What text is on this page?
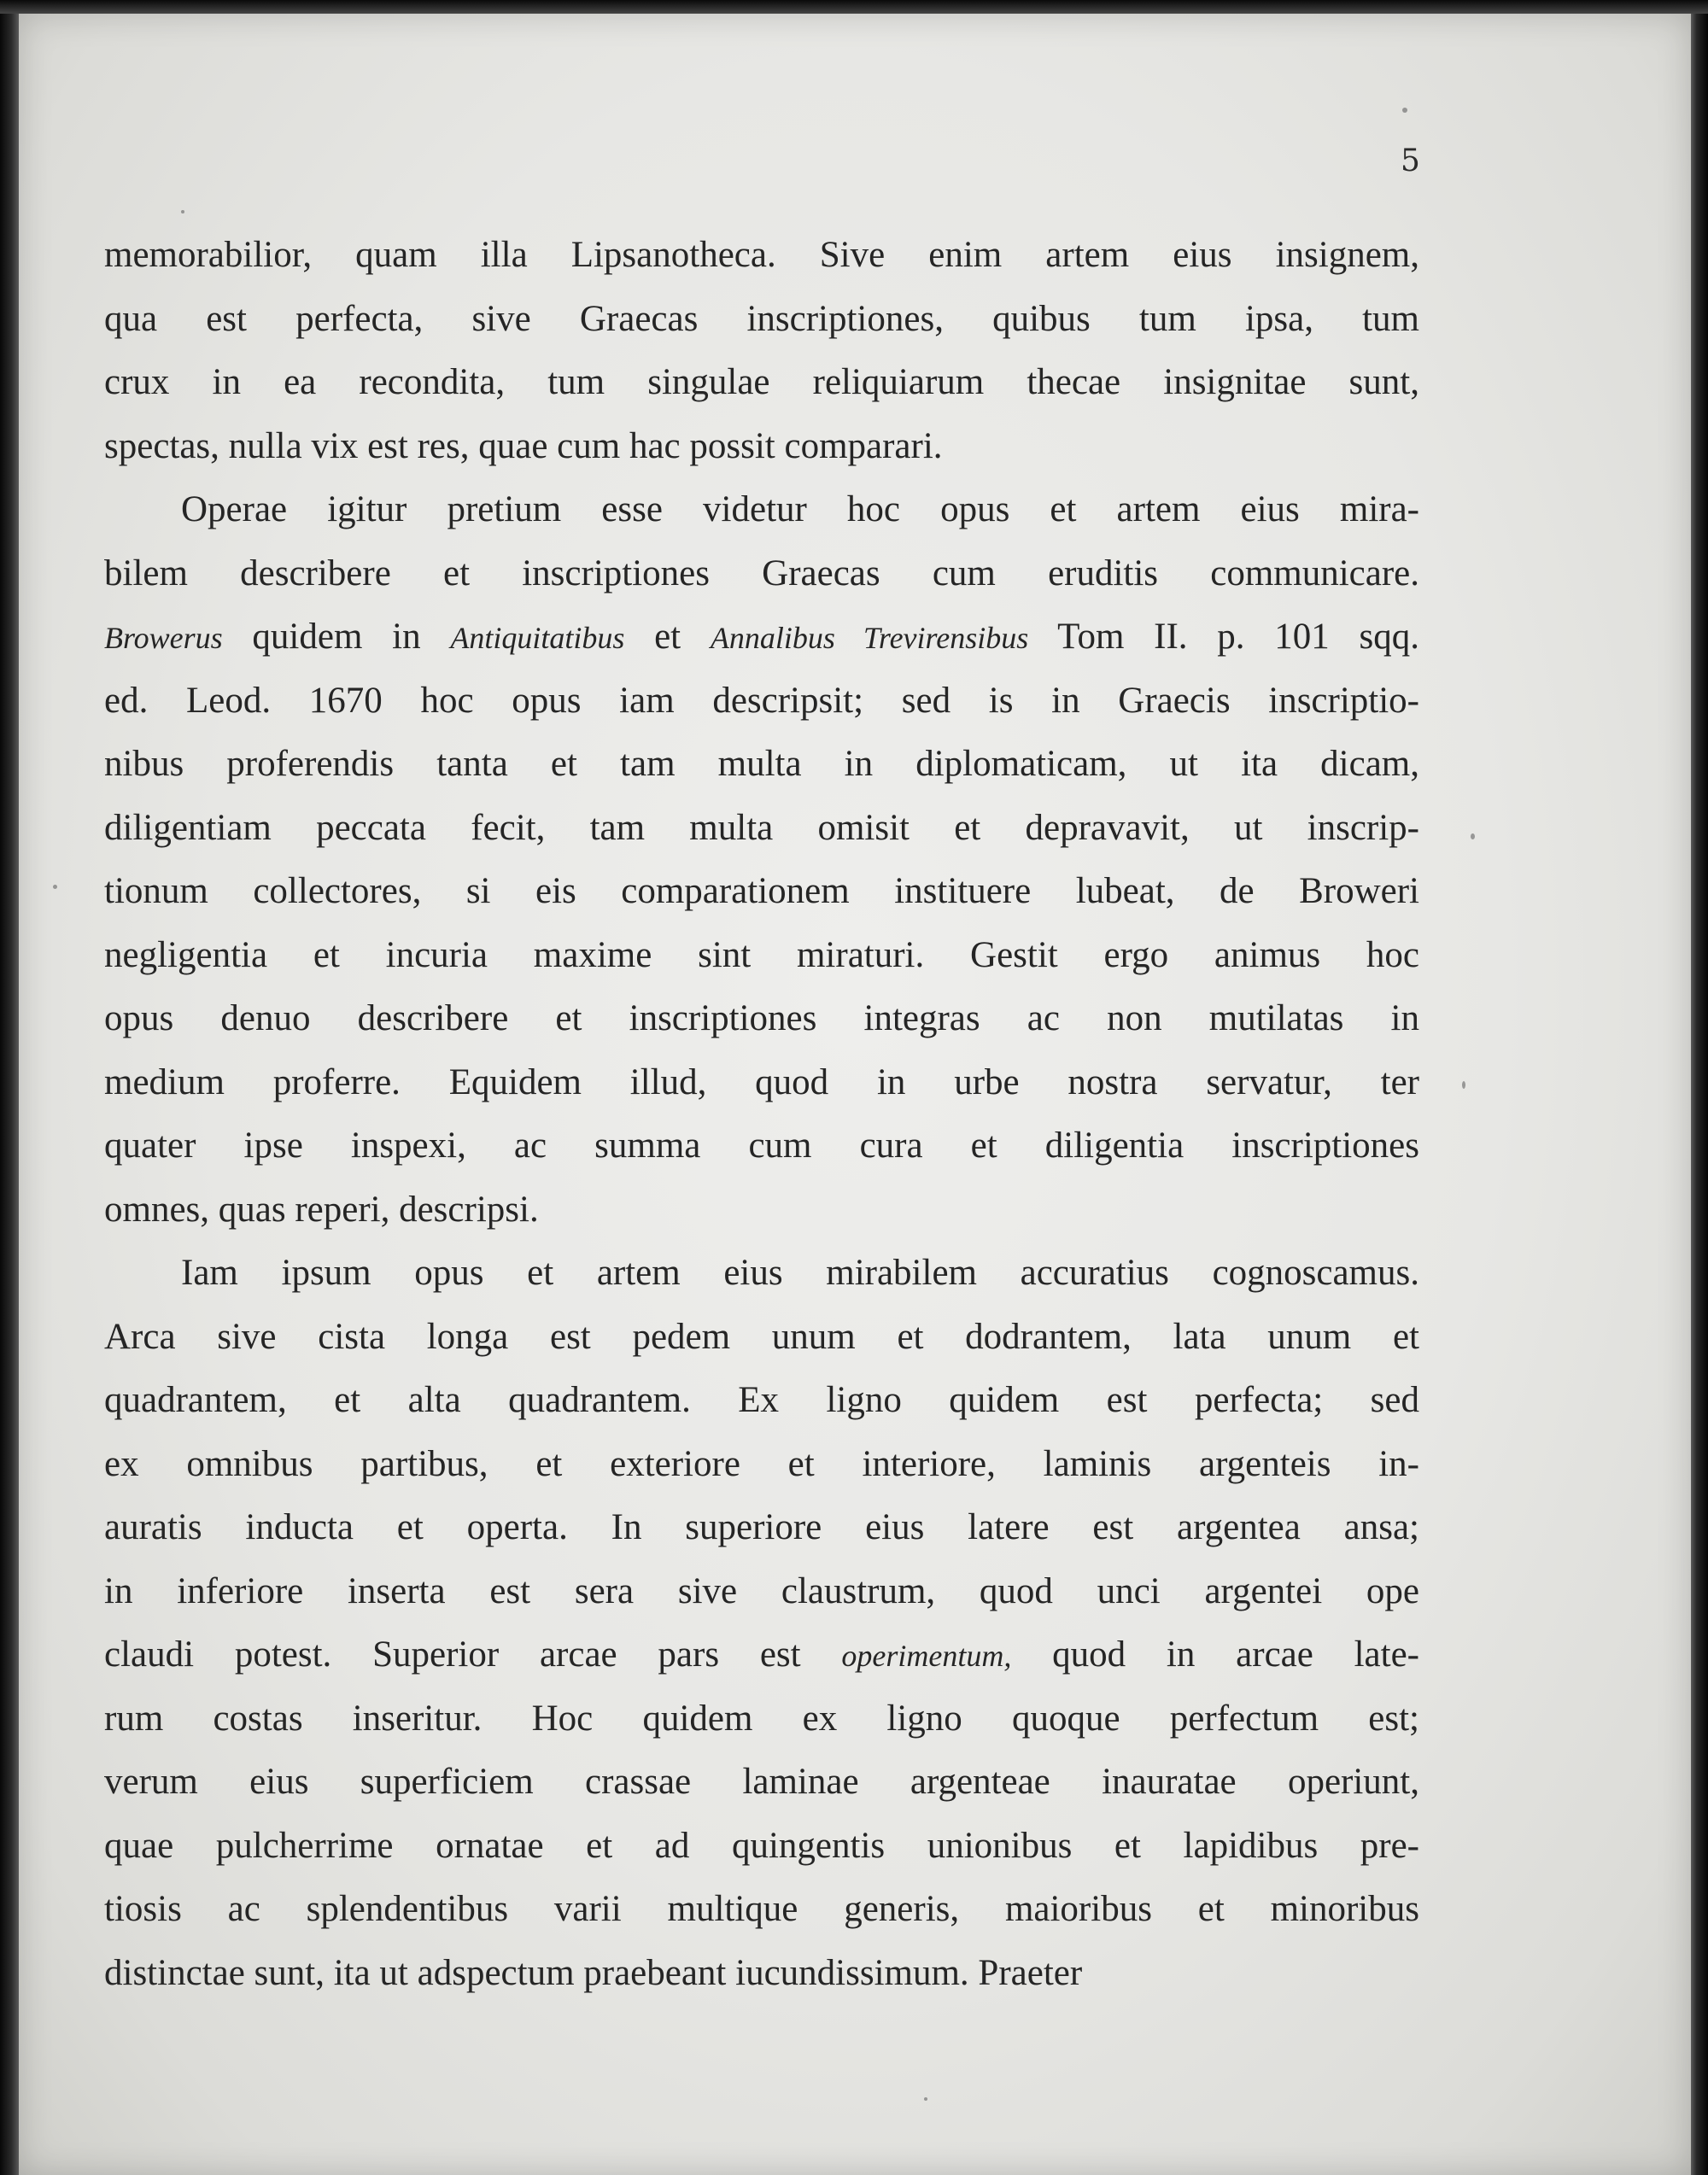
5
memorabilior, quam illa Lipsanotheca. Sive enim artem eius insignem,
qua est perfecta, sive Graecas inscriptiones, quibus tum ipsa, tum
crux in ea recondita, tum singulae reliquiarum thecae insignitae sunt,
spectas, nulla vix est res, quae cum hac possit comparari.
Operae igitur pretium esse videtur hoc opus et artem eius mira-
bilem describere et inscriptiones Graecas cum eruditis communicare.
Browerus quidem in Antiquitatibus et Annalibus Trevirensibus Tom II. p. 101 sqq.
ed. Leod. 1670 hoc opus iam descripsit; sed is in Graecis inscriptio-
nibus proferendis tanta et tam multa in diplomaticam, ut ita dicam,
diligentiam peccata fecit, tam multa omisit et depravavit, ut inscrip-
tionum collectores, si eis comparationem instituere lubeat, de Broweri
negligentia et incuria maxime sint miraturi. Gestit ergo animus hoc
opus denuo describere et inscriptiones integras ac non mutilatas in
medium proferre. Equidem illud, quod in urbe nostra servatur, ter
quater ipse inspexi, ac summa cum cura et diligentia inscriptiones
omnes, quas reperi, descripsi.
Iam ipsum opus et artem eius mirabilem accuratius cognoscamus.
Arca sive cista longa est pedem unum et dodrantem, lata unum et
quadrantem, et alta quadrantem. Ex ligno quidem est perfecta; sed
ex omnibus partibus, et exteriore et interiore, laminis argenteis in-
auratis inducta et operta. In superiore eius latere est argentea ansa;
in inferiore inserta est sera sive claustrum, quod unci argentei ope
claudi potest. Superior arcae pars est operimentum, quod in arcae late-
rum costas inseritur. Hoc quidem ex ligno quoque perfectum est;
verum eius superficiem crassae laminae argenteae inauratae operiunt,
quae pulcherrime ornatae et ad quingentis unionibus et lapidibus pre-
tiosis ac splendentibus varii multique generis, maioribus et minoribus
distinctae sunt, ita ut adspectum praebeant iucundissimum. Praeter
